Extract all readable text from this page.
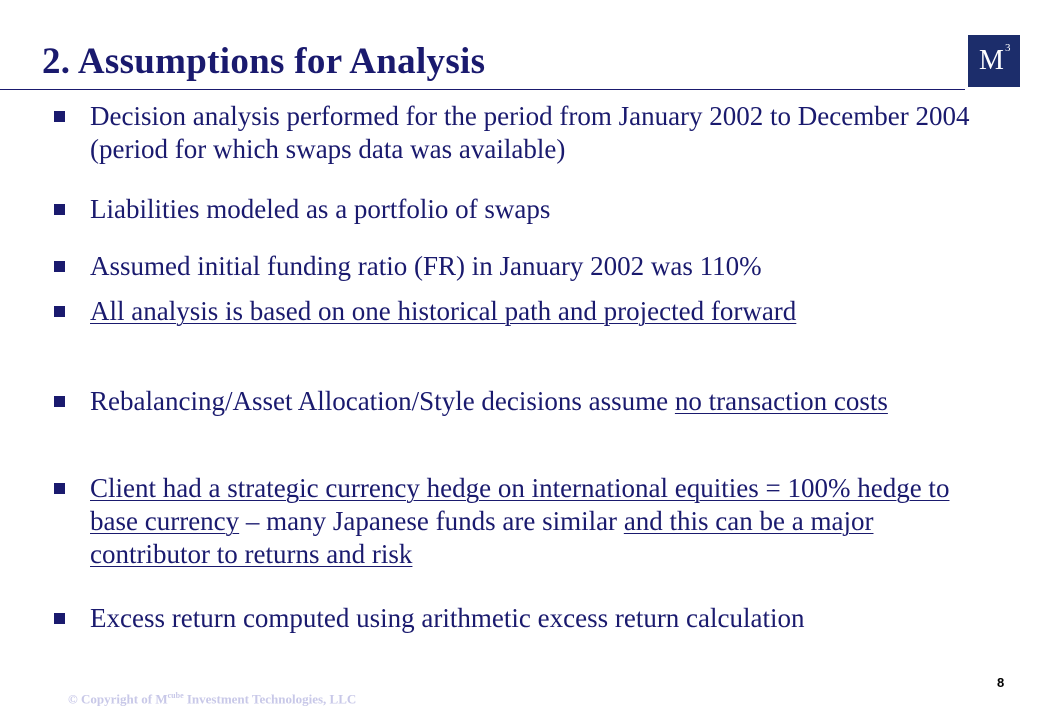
2. Assumptions for Analysis	M 3
Decision analysis performed for the period from January 2002 to December 2004 (period for which swaps data was available)
Liabilities modeled as a portfolio of swaps
Assumed initial funding ratio (FR) in January 2002 was 110%
All analysis is based on one historical path and projected forward
Rebalancing/Asset Allocation/Style decisions assume no transaction costs
Client had a strategic currency hedge on international equities = 100% hedge to base currency – many Japanese funds are similar and this can be a major contributor to returns and risk
Excess return computed using arithmetic excess return calculation
© Copyright of $M^{cube}$ Investment Technologies, LLC
8
